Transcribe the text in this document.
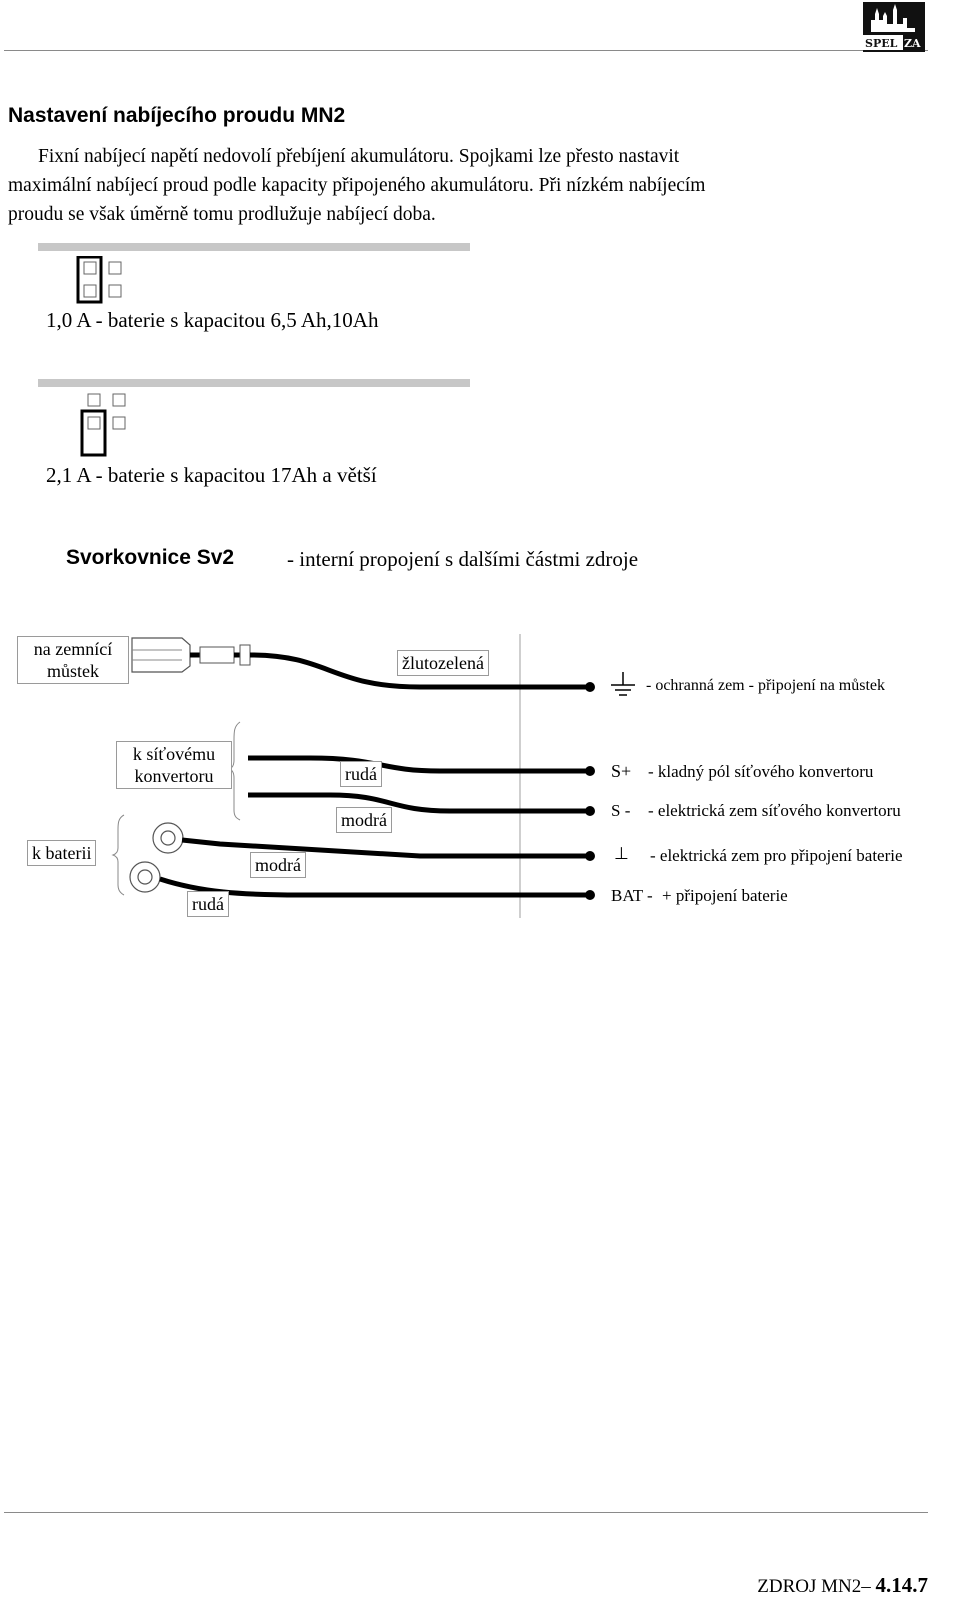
SPEL ZA
Nastavení nabíjecího proudu MN2
Fixní nabíjecí napětí nedovolí přebíjení akumulátoru. Spojkami lze přesto nastavit
maximální nabíjecí proud podle kapacity připojeného akumulátoru. Při nízkém nabíjecím
proudu se však úměrně tomu prodlužuje nabíjecí doba.
1,0 A - baterie s kapacitou 6,5 Ah,10Ah
2,1 A - baterie s kapacitou 17Ah a větší
Svorkovnice Sv2	- interní propojení s dalšími částmi zdroje
na zemnící
můstek	žlutozelená
k síťovému
konvertoru	rudá
modrá
k baterii
modrá
rudá
- ochranná zem - připojení na můstek
S+ - kladný pól síťového konvertoru
S - - elektrická zem síťového konvertoru
⊥ - elektrická zem pro připojení baterie
BAT - + připojení baterie
ZDROJ MN2– 4.14.7
